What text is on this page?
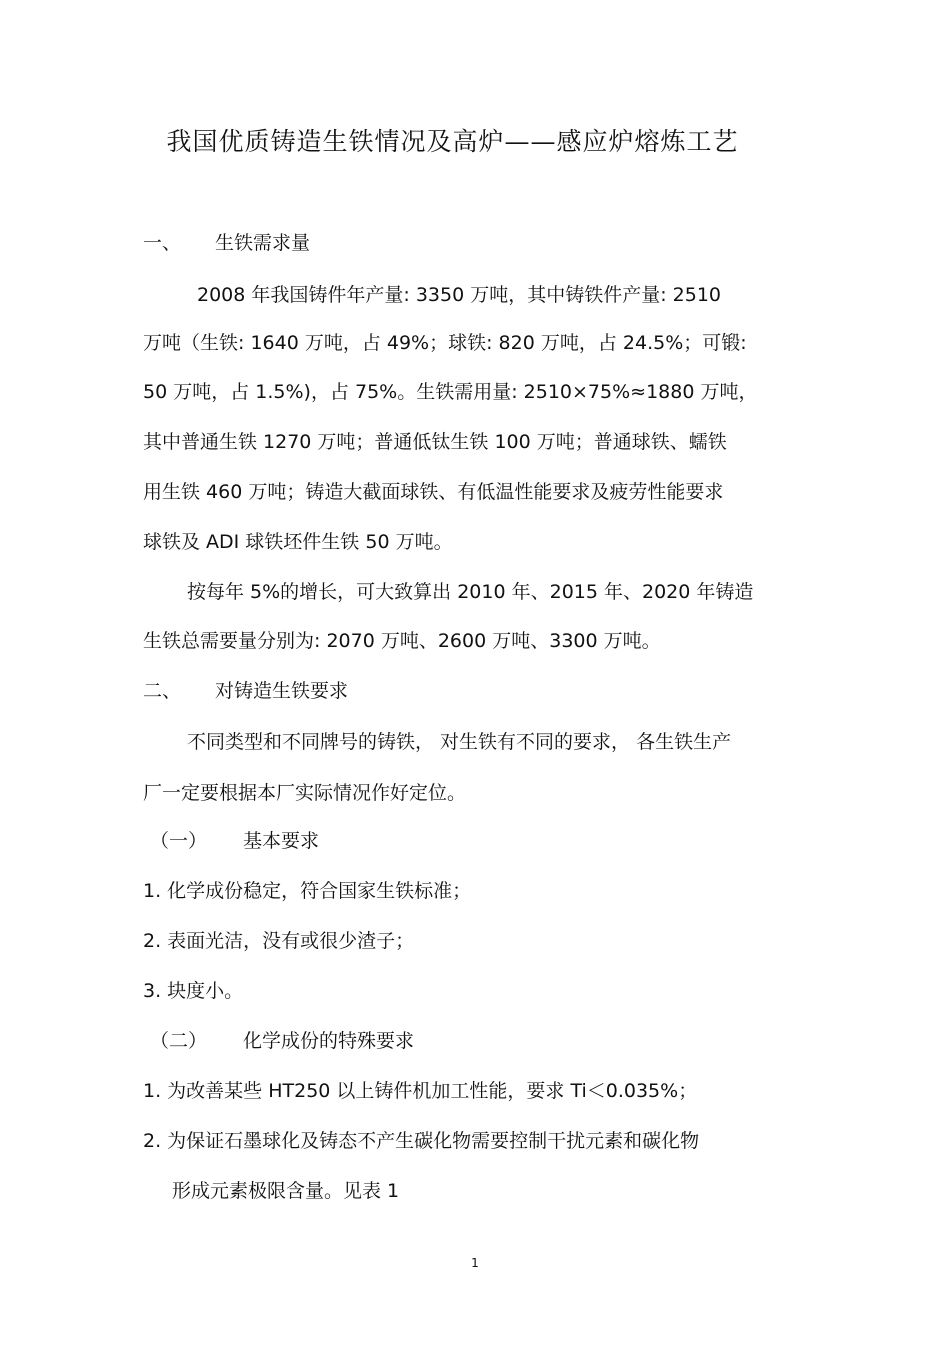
我国优质铸造生铁情况及高炉——感应炉熔炼工艺
一、 生铁需求量
2008 年我国铸件年产量: 3350 万吨，其中铸铁件产量: 2510
万吨（生铁: 1640 万吨，占 49%；球铁: 820 万吨，占 24.5%；可锻:
50 万吨，占 1.5%)，占 75%。生铁需用量: 2510×75%≈1880 万吨，
其中普通生铁 1270 万吨；普通低钛生铁 100 万吨；普通球铁、蠕铁
用生铁 460 万吨；铸造大截面球铁、有低温性能要求及疲劳性能要求
球铁及 ADI 球铁坯件生铁 50 万吨。
按每年 5%的增长，可大致算出 2010 年、2015 年、2020 年铸造
生铁总需要量分别为: 2070 万吨、2600 万吨、3300 万吨。
二、 对铸造生铁要求
不同类型和不同牌号的铸铁， 对生铁有不同的要求， 各生铁生产
厂一定要根据本厂实际情况作好定位。
（一） 基本要求
1. 化学成份稳定，符合国家生铁标准；
2. 表面光洁，没有或很少渣子；
3. 块度小。
（二） 化学成份的特殊要求
1. 为改善某些 HT250 以上铸件机加工性能，要求 Ti＜0.035%；
2. 为保证石墨球化及铸态不产生碳化物需要控制干扰元素和碳化物
形成元素极限含量。见表 1
1
